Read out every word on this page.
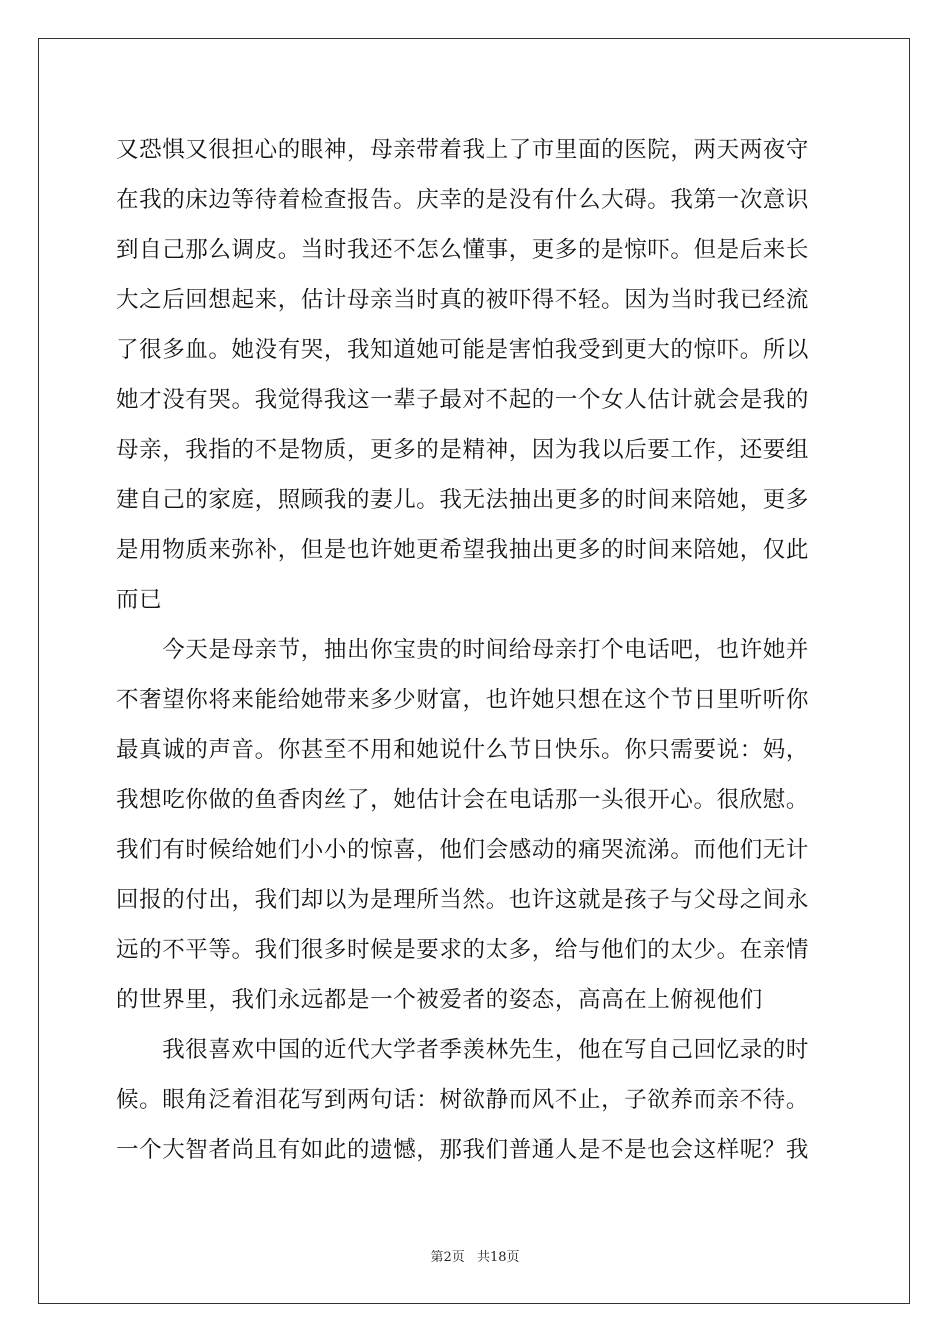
又恐惧又很担心的眼神，母亲带着我上了市里面的医院，两天两夜守
在我的床边等待着检查报告。庆幸的是没有什么大碍。我第一次意识
到自己那么调皮。当时我还不怎么懂事，更多的是惊吓。但是后来长
大之后回想起来，估计母亲当时真的被吓得不轻。因为当时我已经流
了很多血。她没有哭，我知道她可能是害怕我受到更大的惊吓。所以
她才没有哭。我觉得我这一辈子最对不起的一个女人估计就会是我的
母亲，我指的不是物质，更多的是精神，因为我以后要工作，还要组
建自己的家庭，照顾我的妻儿。我无法抽出更多的时间来陪她，更多
是用物质来弥补，但是也许她更希望我抽出更多的时间来陪她，仅此
而已
　　今天是母亲节，抽出你宝贵的时间给母亲打个电话吧，也许她并
不奢望你将来能给她带来多少财富，也许她只想在这个节日里听听你
最真诚的声音。你甚至不用和她说什么节日快乐。你只需要说：妈，
我想吃你做的鱼香肉丝了，她估计会在电话那一头很开心。很欣慰。
我们有时候给她们小小的惊喜，他们会感动的痛哭流涕。而他们无计
回报的付出，我们却以为是理所当然。也许这就是孩子与父母之间永
远的不平等。我们很多时候是要求的太多，给与他们的太少。在亲情
的世界里，我们永远都是一个被爱者的姿态，高高在上俯视他们
　　我很喜欢中国的近代大学者季羡林先生，他在写自己回忆录的时
候。眼角泛着泪花写到两句话：树欲静而风不止，子欲养而亲不待。
一个大智者尚且有如此的遗憾，那我们普通人是不是也会这样呢？我
第2页 共18页
